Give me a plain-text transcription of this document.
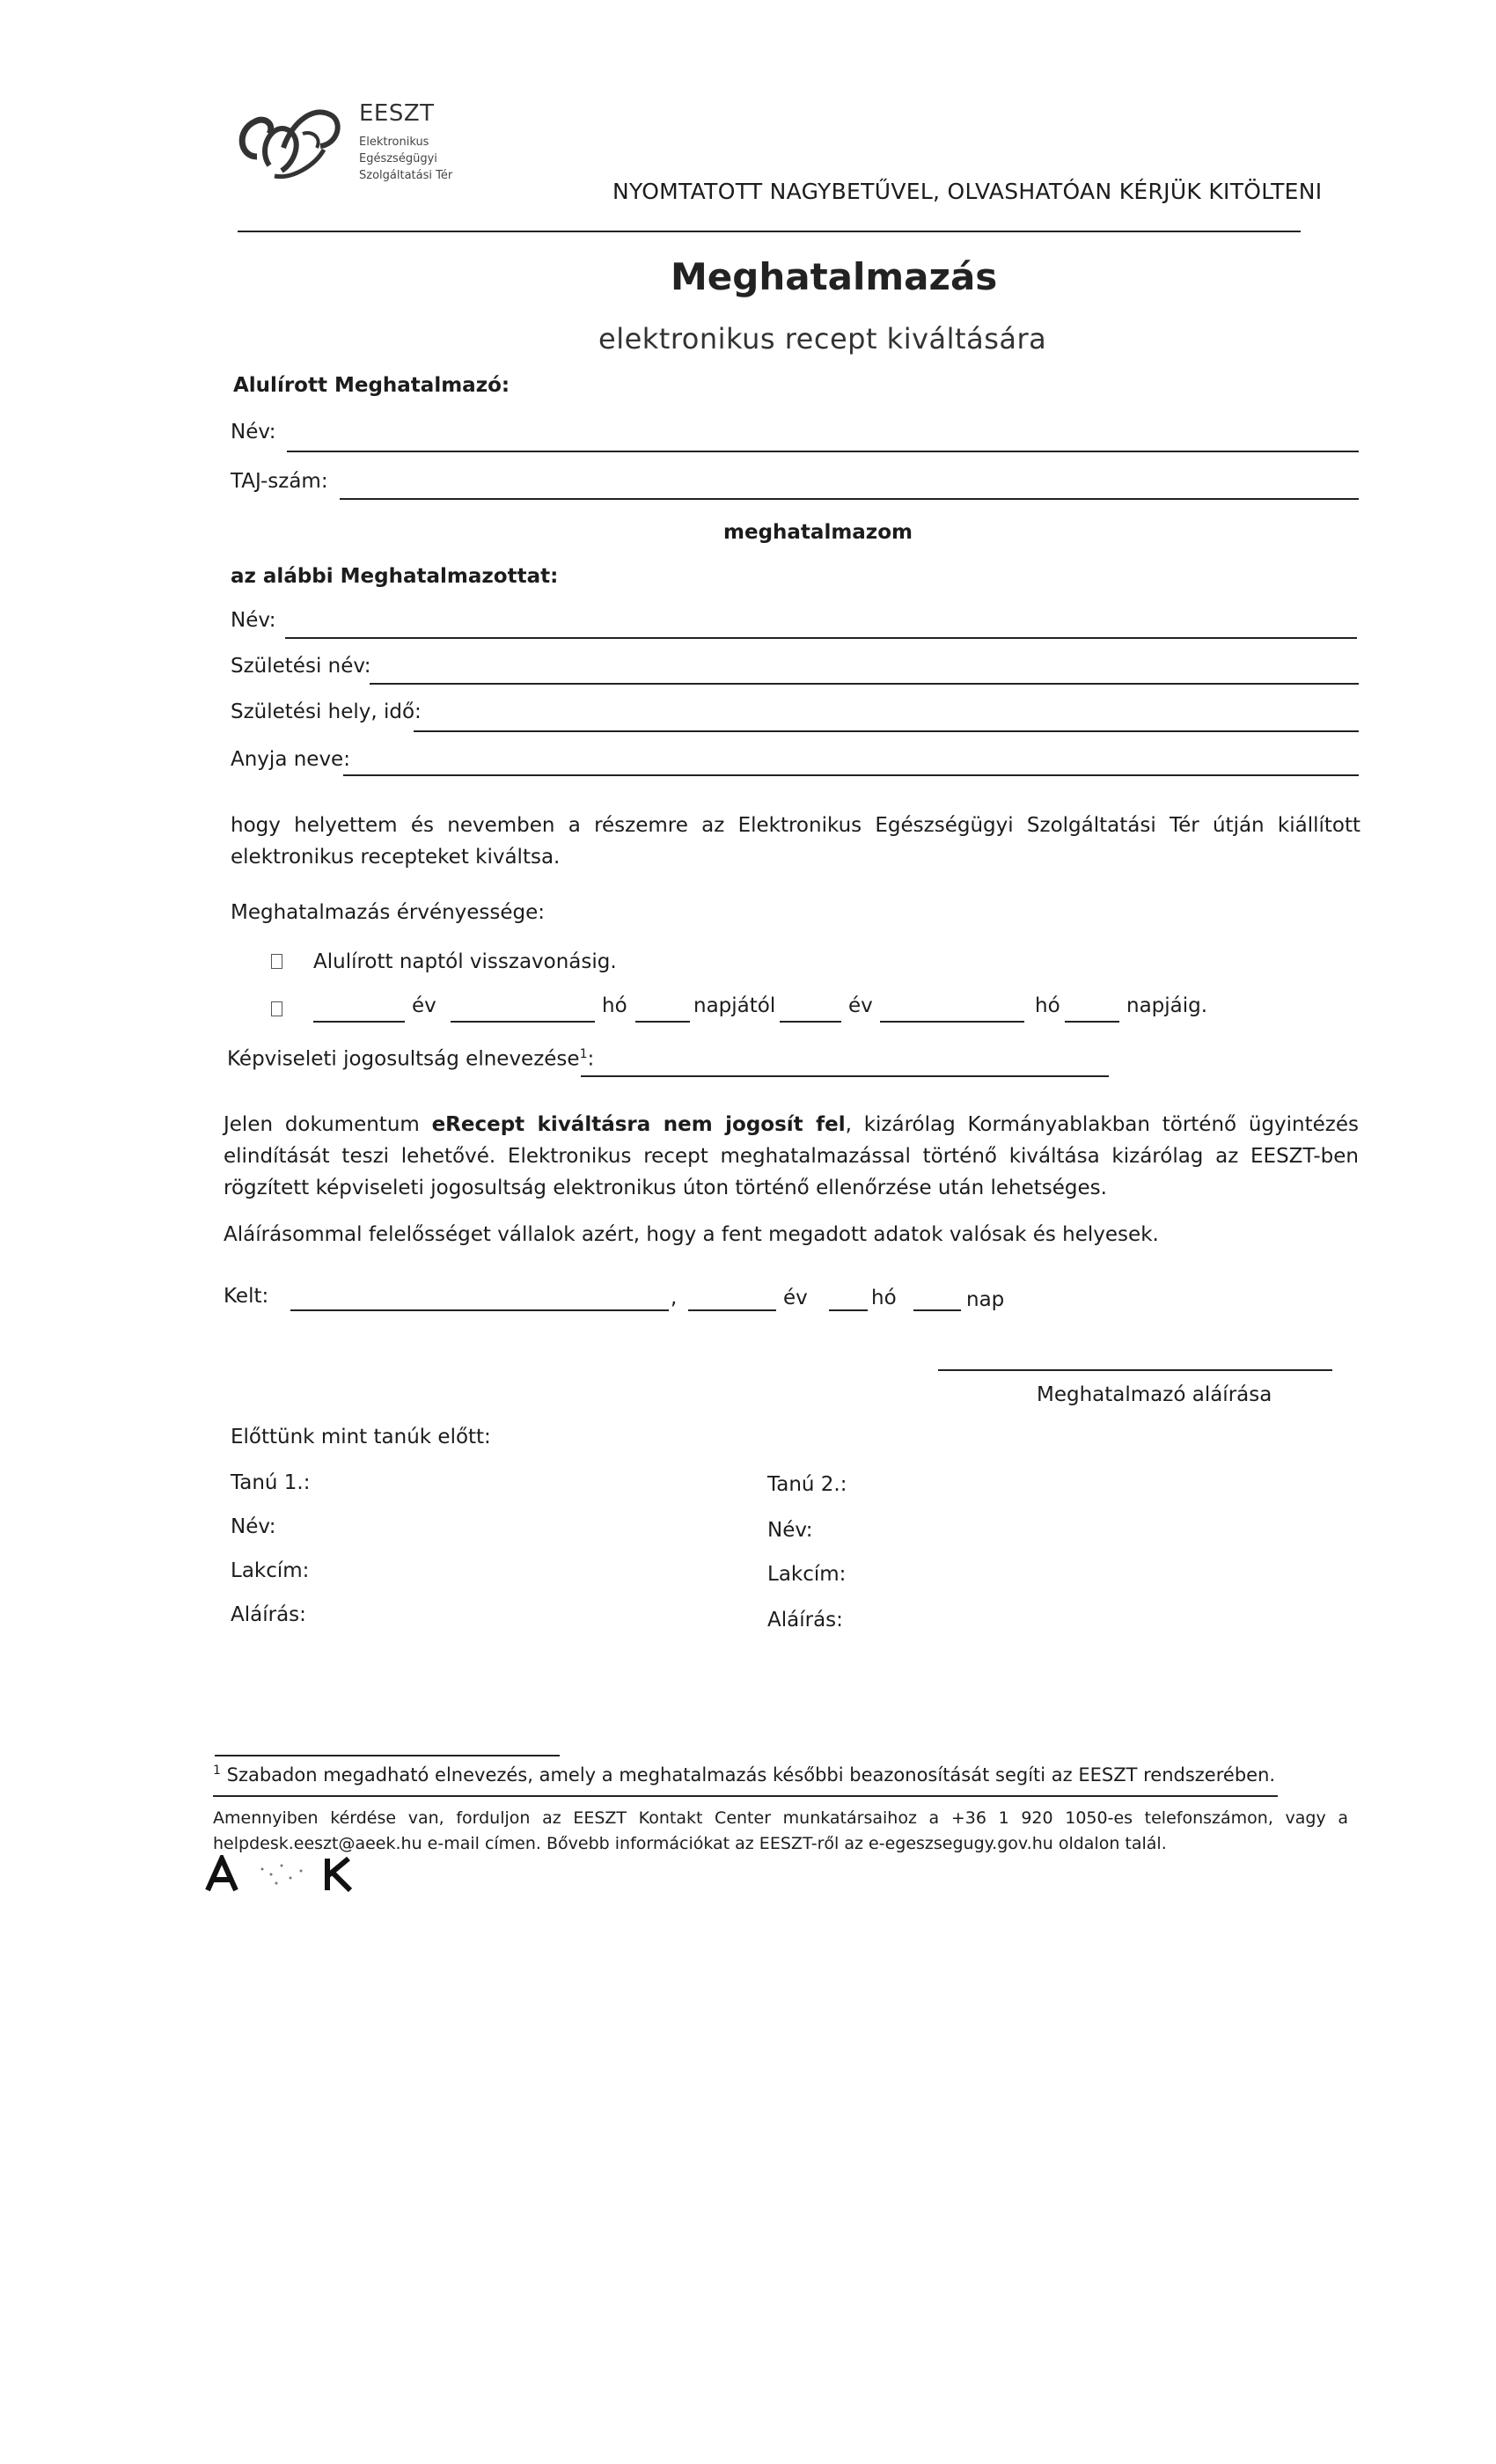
EESZT
Elektronikus
Egészségügyi
Szolgáltatási Tér
NYOMTATOTT NAGYBETŰVEL, OLVASHATÓAN KÉRJÜK KITÖLTENI
Meghatalmazás
elektronikus recept kiváltására
Alulírott Meghatalmazó:
Név:
TAJ-szám:
meghatalmazom
az alábbi Meghatalmazottat:
Név:
Születési név:
Születési hely, idő:
Anyja neve:
hogy helyettem és nevemben a részemre az Elektronikus Egészségügyi Szolgáltatási Tér útján kiállított elektronikus recepteket kiváltsa.
Meghatalmazás érvényessége:
Alulírott naptól visszavonásig.
év	hó	napjától	év	hó	napjáig.
Képviseleti jogosultság elnevezése$^1$:
Jelen dokumentum eRecept kiváltásra nem jogosít fel, kizárólag Kormányablakban történő ügyintézés elindítását teszi lehetővé. Elektronikus recept meghatalmazással történő kiváltása kizárólag az EESZT-ben rögzített képviseleti jogosultság elektronikus úton történő ellenőrzése után lehetséges.
Aláírásommal felelősséget vállalok azért, hogy a fent megadott adatok valósak és helyesek.
Kelt:	,	év	hó	nap
Meghatalmazó aláírása
Előttünk mint tanúk előtt:
Tanú 1.:
Név:
Lakcím:
Aláírás:
Tanú 2.:
Név:
Lakcím:
Aláírás:
$^1$ Szabadon megadható elnevezés, amely a meghatalmazás későbbi beazonosítását segíti az EESZT rendszerében.
Amennyiben kérdése van, forduljon az EESZT Kontakt Center munkatársaihoz a +36 1 920 1050-es telefonszámon, vagy a helpdesk.eeszt@aeek.hu e-mail címen. Bővebb információkat az EESZT-ről az e-egeszsegugy.gov.hu oldalon talál.
